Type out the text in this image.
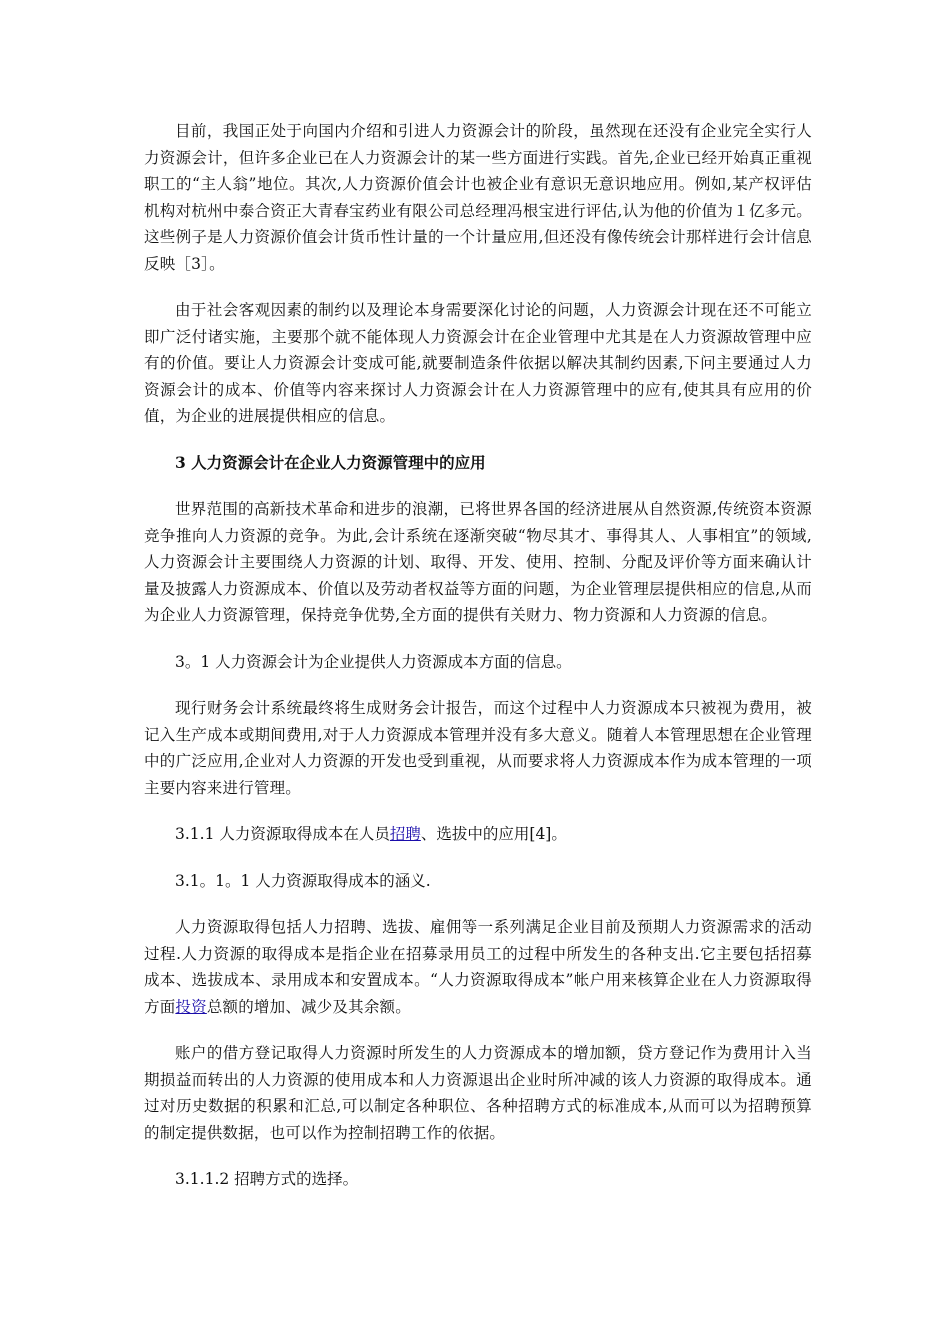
目前，我国正处于向国内介绍和引进人力资源会计的阶段，虽然现在还没有企业完全实行人力资源会计，但许多企业已在人力资源会计的某一些方面进行实践。首先,企业已经开始真正重视职工的“主人翁”地位。其次,人力资源价值会计也被企业有意识无意识地应用。例如,某产权评估机构对杭州中泰合资正大青春宝药业有限公司总经理冯根宝进行评估,认为他的价值为１亿多元。这些例子是人力资源价值会计货币性计量的一个计量应用,但还没有像传统会计那样进行会计信息反映［3］。

由于社会客观因素的制约以及理论本身需要深化讨论的问题，人力资源会计现在还不可能立即广泛付诸实施，主要那个就不能体现人力资源会计在企业管理中尤其是在人力资源故管理中应有的价值。要让人力资源会计变成可能,就要制造条件依据以解决其制约因素,下问主要通过人力资源会计的成本、价值等内容来探讨人力资源会计在人力资源管理中的应有,使其具有应用的价值，为企业的进展提供相应的信息。

3 人力资源会计在企业人力资源管理中的应用

世界范围的高新技术革命和进步的浪潮，已将世界各国的经济进展从自然资源,传统资本资源竞争推向人力资源的竞争。为此,会计系统在逐渐突破“物尽其才、事得其人、人事相宜”的领域,人力资源会计主要围绕人力资源的计划、取得、开发、使用、控制、分配及评价等方面来确认计量及披露人力资源成本、价值以及劳动者权益等方面的问题，为企业管理层提供相应的信息,从而为企业人力资源管理，保持竞争优势,全方面的提供有关财力、物力资源和人力资源的信息。

3。1 人力资源会计为企业提供人力资源成本方面的信息。

现行财务会计系统最终将生成财务会计报告，而这个过程中人力资源成本只被视为费用，被记入生产成本或期间费用,对于人力资源成本管理并没有多大意义。随着人本管理思想在企业管理中的广泛应用,企业对人力资源的开发也受到重视，从而要求将人力资源成本作为成本管理的一项主要内容来进行管理。

3.1.1 人力资源取得成本在人员招聘、选拔中的应用[4]。

3.1。1。1 人力资源取得成本的涵义.

人力资源取得包括人力招聘、选拔、雇佣等一系列满足企业目前及预期人力资源需求的活动过程.人力资源的取得成本是指企业在招募录用员工的过程中所发生的各种支出.它主要包括招募成本、选拔成本、录用成本和安置成本。“人力资源取得成本”帐户用来核算企业在人力资源取得方面投资总额的增加、减少及其余额。

账户的借方登记取得人力资源时所发生的人力资源成本的增加额，贷方登记作为费用计入当期损益而转出的人力资源的使用成本和人力资源退出企业时所冲减的该人力资源的取得成本。通过对历史数据的积累和汇总,可以制定各种职位、各种招聘方式的标准成本,从而可以为招聘预算的制定提供数据，也可以作为控制招聘工作的依据。

3.1.1.2 招聘方式的选择。
